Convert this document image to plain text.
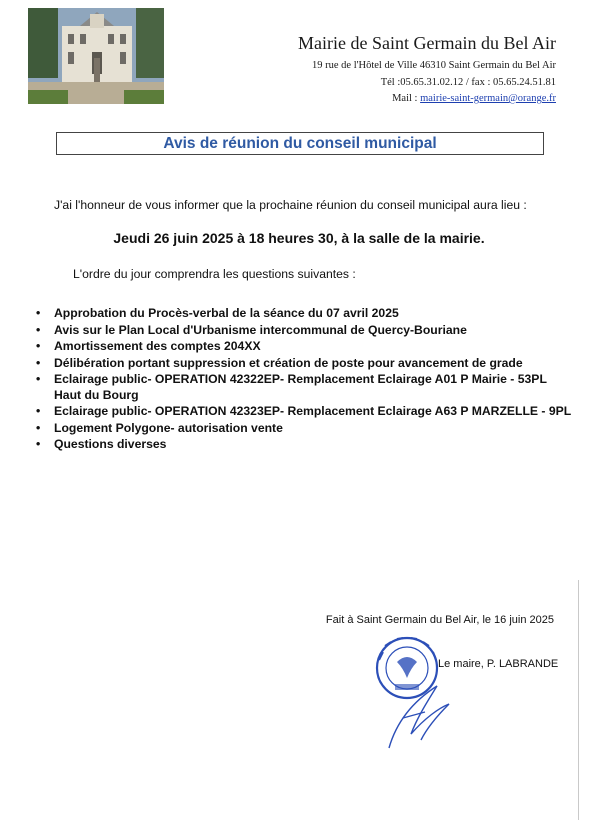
Mairie de Saint Germain du Bel Air
19 rue de l'Hôtel de Ville 46310 Saint Germain du Bel Air
Tél :05.65.31.02.12 / fax : 05.65.24.51.81
Mail : mairie-saint-germain@orange.fr
Avis de réunion du conseil municipal
J'ai l'honneur de vous informer que la prochaine réunion du conseil municipal aura lieu :
Jeudi 26 juin 2025 à 18 heures 30, à la salle de la mairie.
L'ordre du jour comprendra les questions suivantes :
• Approbation du Procès-verbal de la séance du 07 avril 2025
• Avis sur le Plan Local d'Urbanisme intercommunal de Quercy-Bouriane
• Amortissement des comptes 204XX
• Délibération portant suppression et création de poste pour avancement de grade
• Eclairage public- OPERATION 42322EP- Remplacement Eclairage A01 P Mairie - 53PL Haut du Bourg
• Eclairage public- OPERATION 42323EP- Remplacement Eclairage A63 P MARZELLE - 9PL
• Logement Polygone- autorisation vente
• Questions diverses
Fait à Saint Germain du Bel Air, le 16 juin 2025
Le maire, P. LABRANDE
